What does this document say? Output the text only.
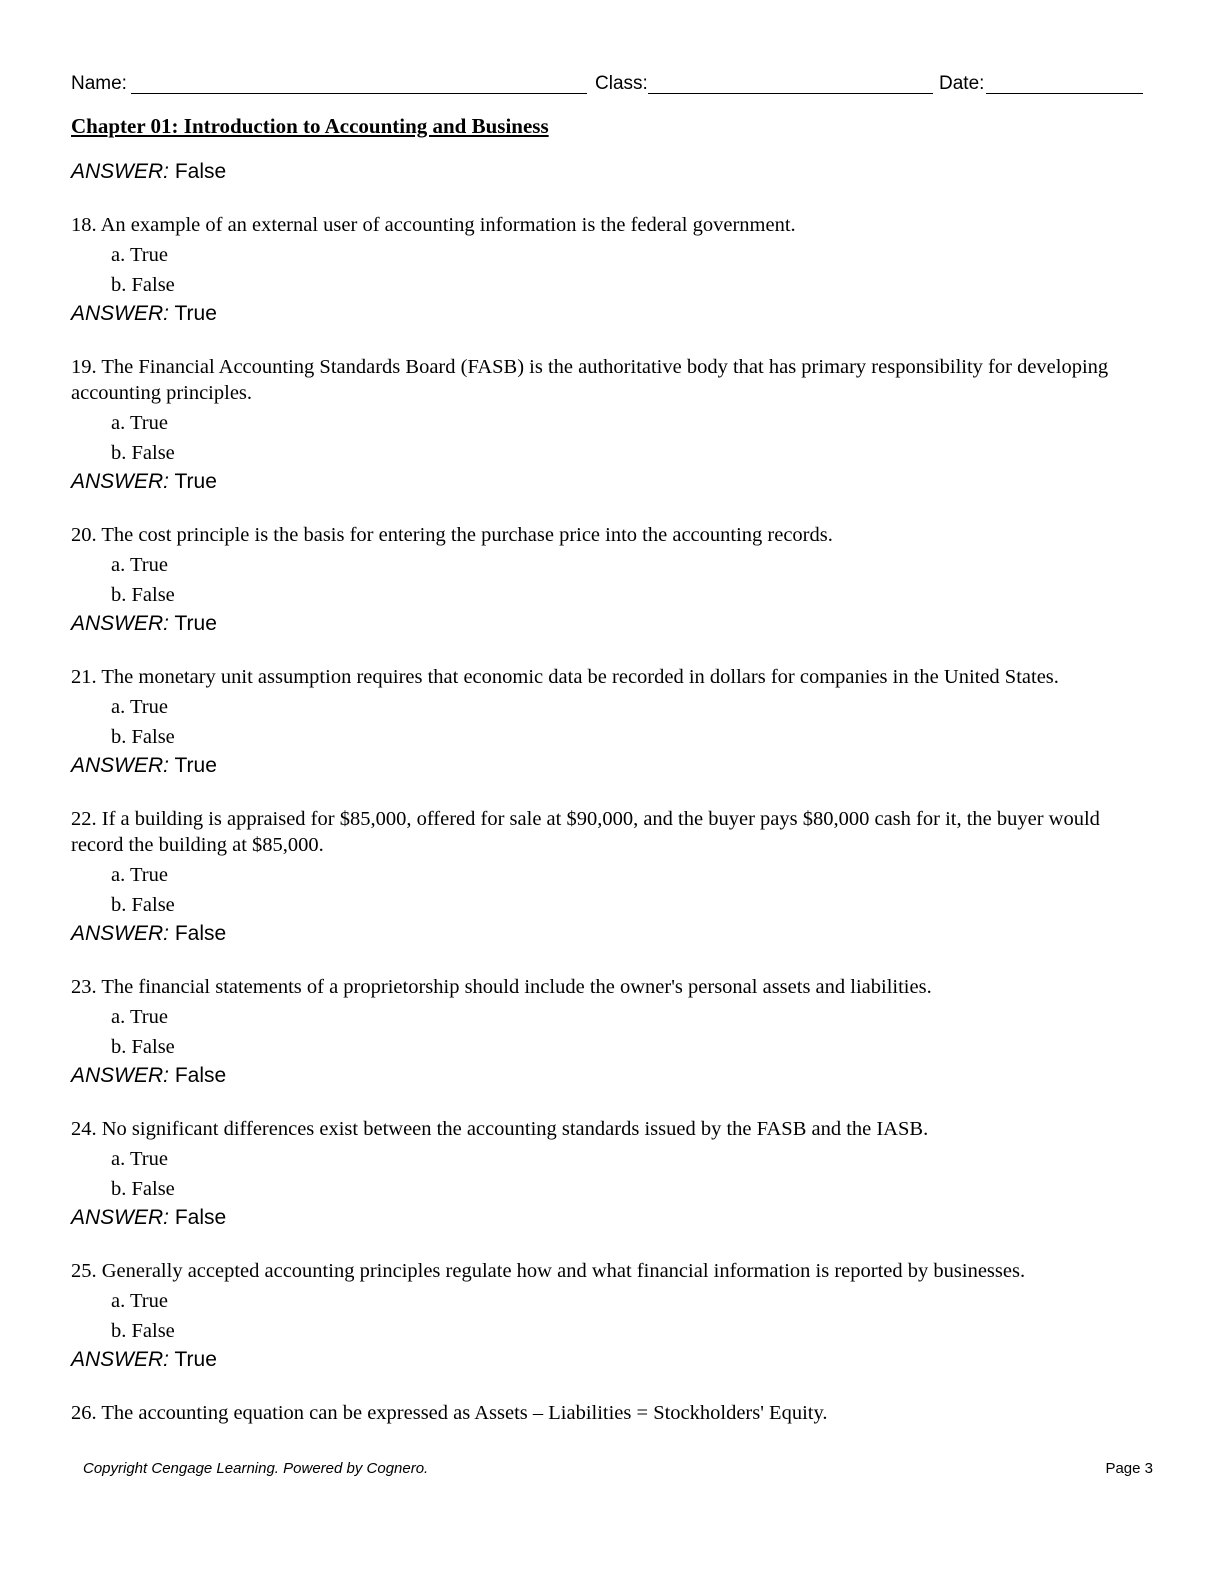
Name:	Class:	Date:
Chapter 01: Introduction to Accounting and Business
ANSWER: False

18. An example of an external user of accounting information is the federal government.

a. True
b. False
ANSWER: True

19. The Financial Accounting Standards Board (FASB) is the authoritative body that has primary responsibility for developing accounting principles.

a. True
b. False
ANSWER: True

20. The cost principle is the basis for entering the purchase price into the accounting records.

a. True
b. False
ANSWER: True

21. The monetary unit assumption requires that economic data be recorded in dollars for companies in the United States.

a. True
b. False
ANSWER: True

22. If a building is appraised for $85,000, offered for sale at $90,000, and the buyer pays $80,000 cash for it, the buyer would record the building at $85,000.

a. True
b. False
ANSWER: False

23. The financial statements of a proprietorship should include the owner's personal assets and liabilities.

a. True
b. False
ANSWER: False

24. No significant differences exist between the accounting standards issued by the FASB and the IASB.

a. True
b. False
ANSWER: False

25. Generally accepted accounting principles regulate how and what financial information is reported by businesses.

a. True
b. False
ANSWER: True

26. The accounting equation can be expressed as Assets – Liabilities = Stockholders' Equity.

Copyright Cengage Learning. Powered by Cognero.	Page 3
